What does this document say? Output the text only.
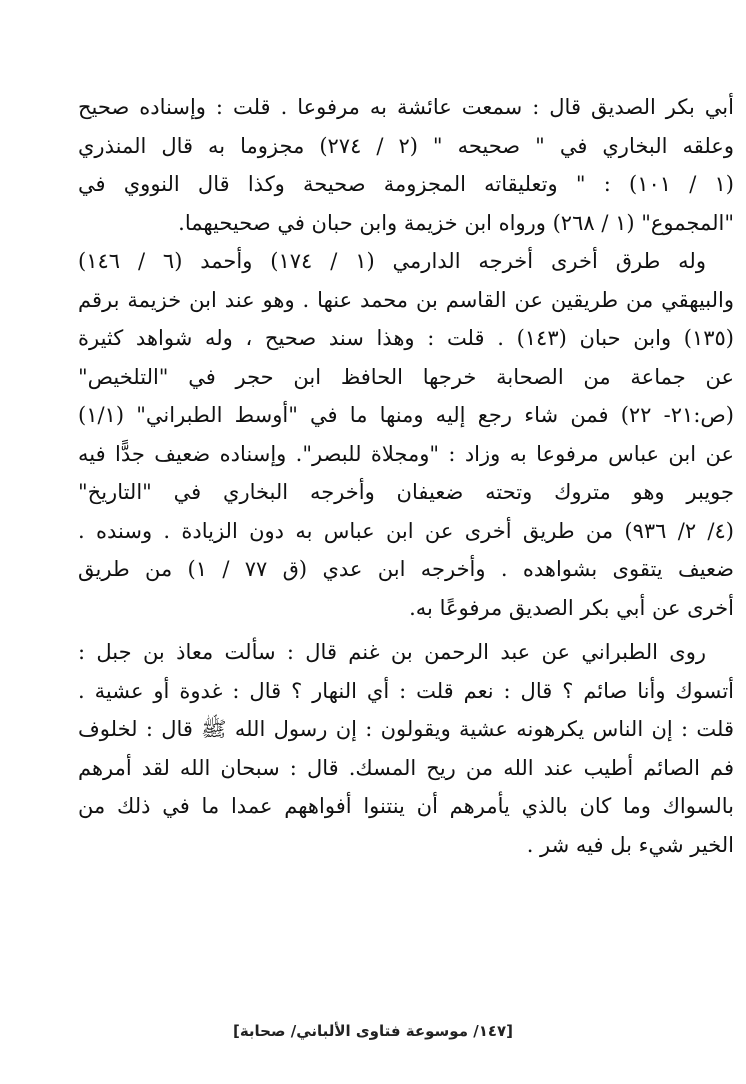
أبي بكر الصديق قال : سمعت عائشة به مرفوعا . قلت : وإسناده صحيح
وعلقه البخاري في " صحيحه " (٢ / ٢٧٤) مجزوما به قال المنذري
(١ / ١٠١) : " وتعليقاته المجزومة صحيحة وكذا قال النووي في
"المجموع" (١ / ٢٦٨) ورواه ابن خزيمة وابن حبان في صحيحيهما.
وله طرق أخرى أخرجه الدارمي (١ / ١٧٤) وأحمد (٦ / ١٤٦)
والبيهقي من طريقين عن القاسم بن محمد عنها . وهو عند ابن خزيمة برقم
(١٣٥) وابن حبان (١٤٣) . قلت : وهذا سند صحيح ، وله شواهد كثيرة
عن جماعة من الصحابة خرجها الحافظ ابن حجر في "التلخيص"
(ص:٢١- ٢٢) فمن شاء رجع إليه ومنها ما في "أوسط الطبراني" (١/١)
عن ابن عباس مرفوعا به وزاد : "ومجلاة للبصر". وإسناده ضعيف جدًّا فيه
جويبر وهو متروك وتحته ضعيفان وأخرجه البخاري في "التاريخ"
(٤/ ٢/ ٩٣٦) من طريق أخرى عن ابن عباس به دون الزيادة . وسنده .
ضعيف يتقوى بشواهده . وأخرجه ابن عدي (ق ٧٧ / ١) من طريق
أخرى عن أبي بكر الصديق مرفوعًا به.
روى الطبراني عن عبد الرحمن بن غنم قال : سألت معاذ بن جبل :
أتسوك وأنا صائم ؟ قال : نعم قلت : أي النهار ؟ قال : غدوة أو عشية .
قلت : إن الناس يكرهونه عشية ويقولون : إن رسول الله ﷺ قال : لخلوف
فم الصائم أطيب عند الله من ريح المسك. قال : سبحان الله لقد أمرهم
بالسواك وما كان بالذي يأمرهم أن ينتنوا أفواههم عمدا ما في ذلك من
الخير شيء بل فيه شر .
[١٤٧/ موسوعة فتاوى الألباني/ صحابة]
